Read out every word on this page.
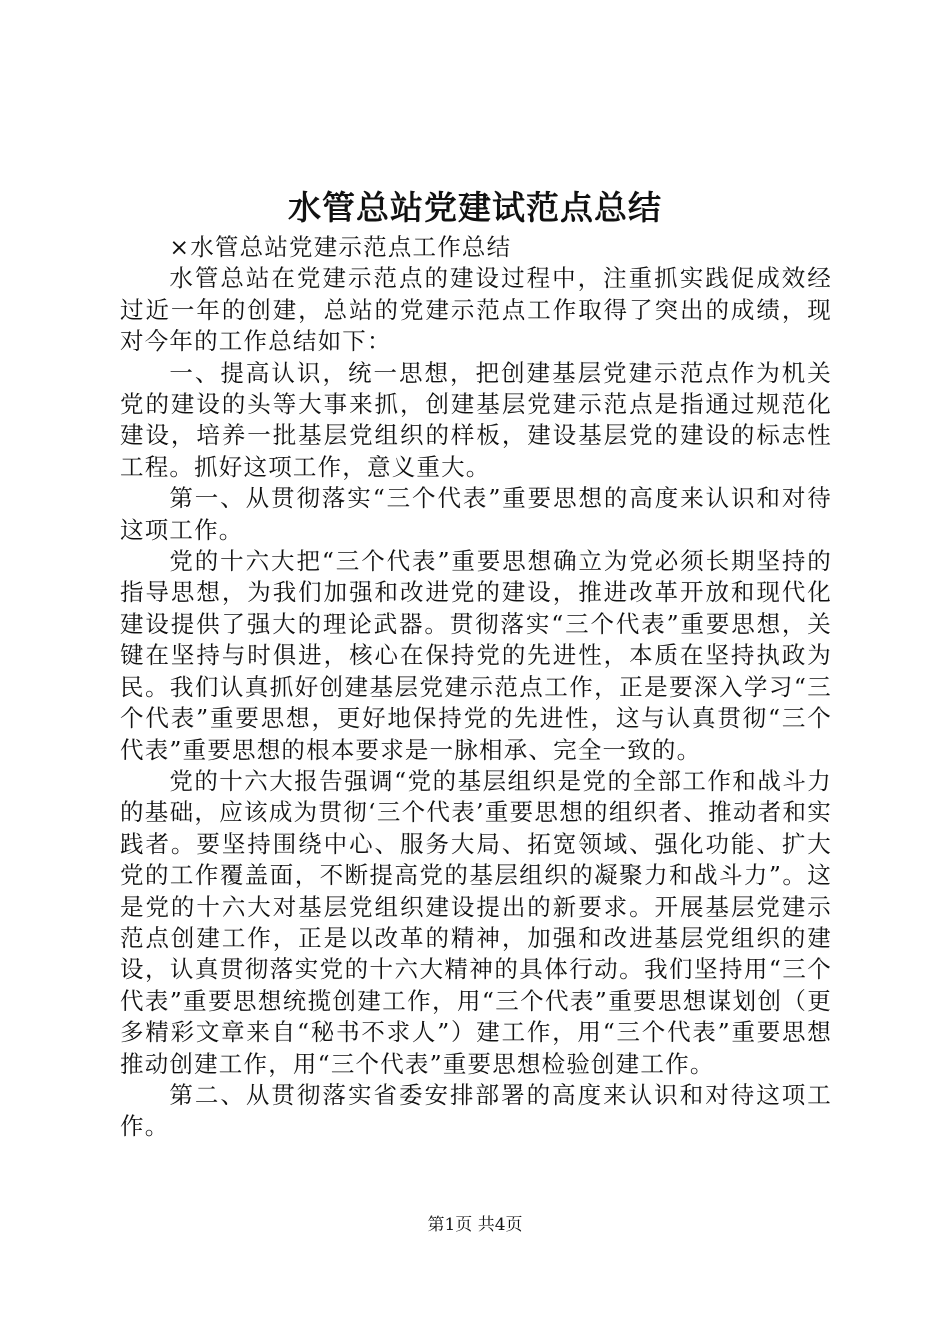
水管总站党建试范点总结

×水管总站党建示范点工作总结

水管总站在党建示范点的建设过程中，注重抓实践促成效经过近一年的创建，总站的党建示范点工作取得了突出的成绩，现对今年的工作总结如下：

一、提高认识，统一思想，把创建基层党建示范点作为机关党的建设的头等大事来抓，创建基层党建示范点是指通过规范化建设，培养一批基层党组织的样板，建设基层党的建设的标志性工程。抓好这项工作，意义重大。

第一、从贯彻落实“三个代表”重要思想的高度来认识和对待这项工作。

党的十六大把“三个代表”重要思想确立为党必须长期坚持的指导思想，为我们加强和改进党的建设，推进改革开放和现代化建设提供了强大的理论武器。贯彻落实“三个代表”重要思想，关键在坚持与时俱进，核心在保持党的先进性，本质在坚持执政为民。我们认真抓好创建基层党建示范点工作，正是要深入学习“三个代表”重要思想，更好地保持党的先进性，这与认真贯彻“三个代表”重要思想的根本要求是一脉相承、完全一致的。

党的十六大报告强调“党的基层组织是党的全部工作和战斗力的基础，应该成为贯彻‘三个代表’重要思想的组织者、推动者和实践者。要坚持围绕中心、服务大局、拓宽领域、强化功能、扩大党的工作覆盖面，不断提高党的基层组织的凝聚力和战斗力”。这是党的十六大对基层党组织建设提出的新要求。开展基层党建示范点创建工作，正是以改革的精神，加强和改进基层党组织的建设，认真贯彻落实党的十六大精神的具体行动。我们坚持用“三个代表”重要思想统揽创建工作，用“三个代表”重要思想谋划创（更多精彩文章来自“秘书不求人”）建工作，用“三个代表”重要思想推动创建工作，用“三个代表”重要思想检验创建工作。

第二、从贯彻落实省委安排部署的高度来认识和对待这项工作。

第1页 共4页
